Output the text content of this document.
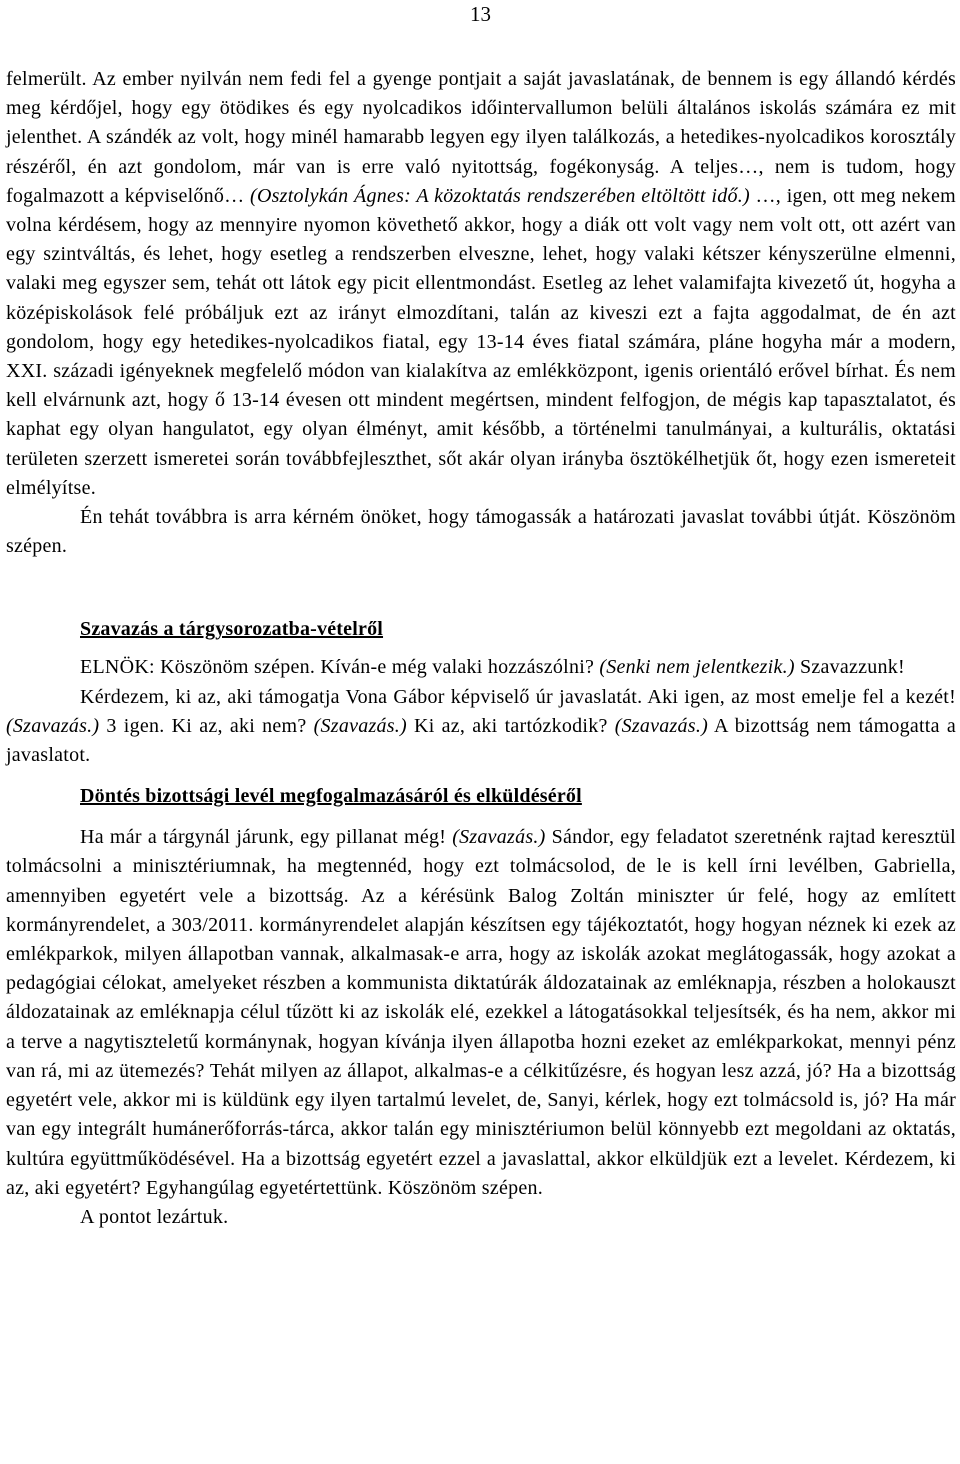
13

felmerült. Az ember nyilván nem fedi fel a gyenge pontjait a saját javaslatának, de bennem is egy állandó kérdés meg kérdőjel, hogy egy ötödikes és egy nyolcadikos időintervallumon belüli általános iskolás számára ez mit jelenthet. A szándék az volt, hogy minél hamarabb legyen egy ilyen találkozás, a hetedikes-nyolcadikos korosztály részéről, én azt gondolom, már van is erre való nyitottság, fogékonyság. A teljes…, nem is tudom, hogy fogalmazott a képviselőnő… (Osztolykán Ágnes: A közoktatás rendszerében eltöltött idő.) …, igen, ott meg nekem volna kérdésem, hogy az mennyire nyomon követhető akkor, hogy a diák ott volt vagy nem volt ott, ott azért van egy szintváltás, és lehet, hogy esetleg a rendszerben elveszne, lehet, hogy valaki kétszer kényszerülne elmenni, valaki meg egyszer sem, tehát ott látok egy picit ellentmondást. Esetleg az lehet valamifajta kivezető út, hogyha a középiskolások felé próbáljuk ezt az irányt elmozdítani, talán az kiveszi ezt a fajta aggodalmat, de én azt gondolom, hogy egy hetedikes-nyolcadikos fiatal, egy 13-14 éves fiatal számára, pláne hogyha már a modern, XXI. századi igényeknek megfelelő módon van kialakítva az emlékközpont, igenis orientáló erővel bírhat. És nem kell elvárnunk azt, hogy ő 13-14 évesen ott mindent megértsen, mindent felfogjon, de mégis kap tapasztalatot, és kaphat egy olyan hangulatot, egy olyan élményt, amit később, a történelmi tanulmányai, a kulturális, oktatási területen szerzett ismeretei során továbbfejleszthet, sőt akár olyan irányba ösztökélhetjük őt, hogy ezen ismereteit elmélyítse.

Én tehát továbbra is arra kérném önöket, hogy támogassák a határozati javaslat további útját. Köszönöm szépen.

Szavazás a tárgysorozatba-vételről

ELNÖK: Köszönöm szépen. Kíván-e még valaki hozzászólni? (Senki nem jelentkezik.) Szavazzunk!

Kérdezem, ki az, aki támogatja Vona Gábor képviselő úr javaslatát. Aki igen, az most emelje fel a kezét! (Szavazás.) 3 igen. Ki az, aki nem? (Szavazás.) Ki az, aki tartózkodik? (Szavazás.) A bizottság nem támogatta a javaslatot.

Döntés bizottsági levél megfogalmazásáról és elküldéséről

Ha már a tárgynál járunk, egy pillanat még! (Szavazás.) Sándor, egy feladatot szeretnénk rajtad keresztül tolmácsolni a minisztériumnak, ha megtennéd, hogy ezt tolmácsolod, de le is kell írni levélben, Gabriella, amennyiben egyetért vele a bizottság. Az a kérésünk Balog Zoltán miniszter úr felé, hogy az említett kormányrendelet, a 303/2011. kormányrendelet alapján készítsen egy tájékoztatót, hogy hogyan néznek ki ezek az emlékparkok, milyen állapotban vannak, alkalmasak-e arra, hogy az iskolák azokat meglátogassák, hogy azokat a pedagógiai célokat, amelyeket részben a kommunista diktatúrák áldozatainak az emléknapja, részben a holokauszt áldozatainak az emléknapja célul tűzött ki az iskolák elé, ezekkel a látogatásokkal teljesítsék, és ha nem, akkor mi a terve a nagytiszteletű kormánynak, hogyan kívánja ilyen állapotba hozni ezeket az emlékparkokat, mennyi pénz van rá, mi az ütemezés? Tehát milyen az állapot, alkalmas-e a célkitűzésre, és hogyan lesz azzá, jó? Ha a bizottság egyetért vele, akkor mi is küldünk egy ilyen tartalmú levelet, de, Sanyi, kérlek, hogy ezt tolmácsold is, jó? Ha már van egy integrált humánerőforrás-tárca, akkor talán egy minisztériumon belül könnyebb ezt megoldani az oktatás, kultúra együttműködésével. Ha a bizottság egyetért ezzel a javaslattal, akkor elküldjük ezt a levelet. Kérdezem, ki az, aki egyetért? Egyhangúlag egyetértettünk. Köszönöm szépen.

A pontot lezártuk.
